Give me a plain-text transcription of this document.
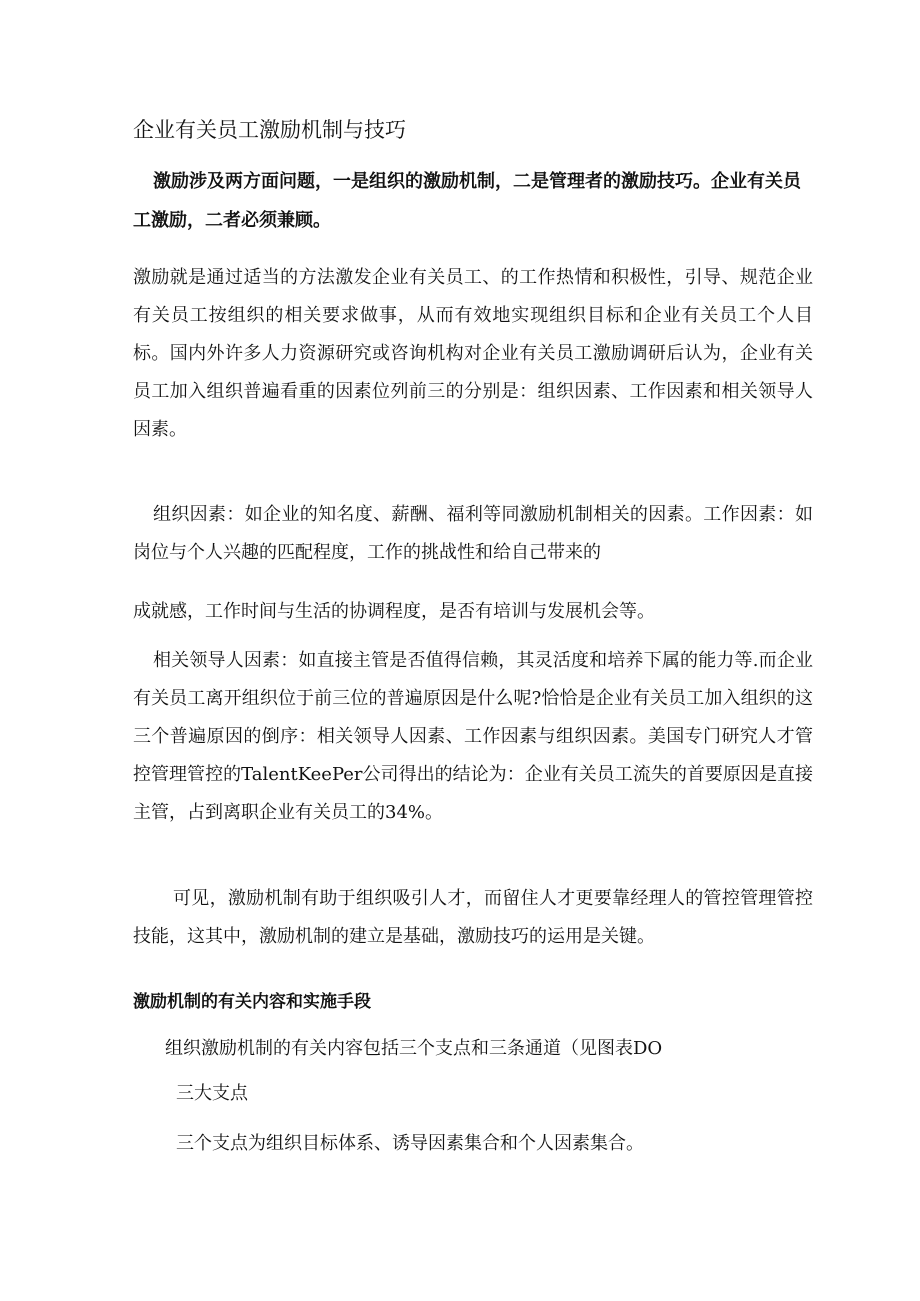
企业有关员工激励机制与技巧

激励涉及两方面问题，一是组织的激励机制，二是管理者的激励技巧。企业有关员工激励，二者必须兼顾。

激励就是通过适当的方法激发企业有关员工、的工作热情和积极性，引导、规范企业有关员工按组织的相关要求做事，从而有效地实现组织目标和企业有关员工个人目标。国内外许多人力资源研究或咨询机构对企业有关员工激励调研后认为，企业有关员工加入组织普遍看重的因素位列前三的分别是：组织因素、工作因素和相关领导人因素。

组织因素：如企业的知名度、薪酬、福利等同激励机制相关的因素。工作因素：如岗位与个人兴趣的匹配程度，工作的挑战性和给自己带来的

成就感，工作时间与生活的协调程度，是否有培训与发展机会等。

相关领导人因素：如直接主管是否值得信赖，其灵活度和培养下属的能力等.而企业有关员工离开组织位于前三位的普遍原因是什么呢?恰恰是企业有关员工加入组织的这三个普遍原因的倒序：相关领导人因素、工作因素与组织因素。美国专门研究人才管控管理管控的TalentKeePer公司得出的结论为：企业有关员工流失的首要原因是直接主管，占到离职企业有关员工的34%。

可见，激励机制有助于组织吸引人才，而留住人才更要靠经理人的管控管理管控技能，这其中，激励机制的建立是基础，激励技巧的运用是关键。

激励机制的有关内容和实施手段
组织激励机制的有关内容包括三个支点和三条通道（见图表DO
三大支点
三个支点为组织目标体系、诱导因素集合和个人因素集合。
